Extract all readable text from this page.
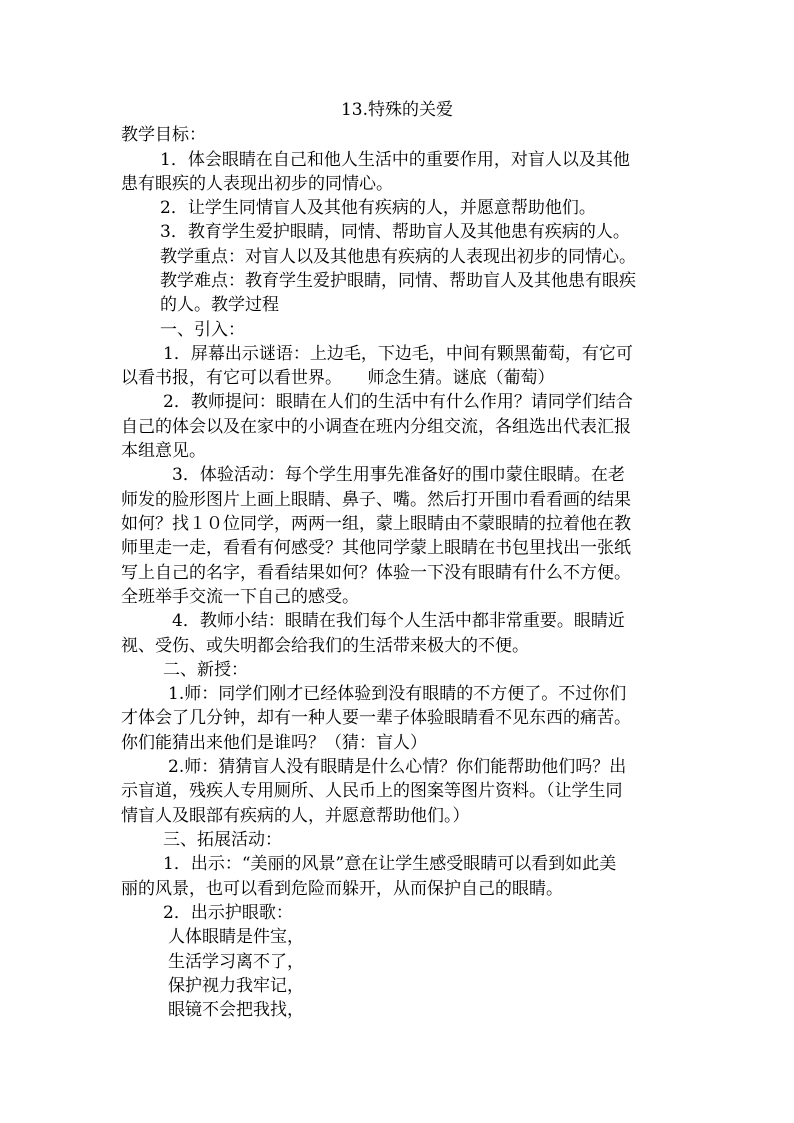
13.特殊的关爱
教学目标：
1．体会眼睛在自己和他人生活中的重要作用，对盲人以及其他
患有眼疾的人表现出初步的同情心。
2．让学生同情盲人及其他有疾病的人，并愿意帮助他们。
3．教育学生爱护眼睛，同情、帮助盲人及其他患有疾病的人。
教学重点：对盲人以及其他患有疾病的人表现出初步的同情心。
教学难点：教育学生爱护眼睛，同情、帮助盲人及其他患有眼疾
的人。教学过程
一、引入：
1．屏幕出示谜语：上边毛，下边毛，中间有颗黑葡萄，有它可
以看书报，有它可以看世界。　　师念生猜。谜底（葡萄）
2．教师提问：眼睛在人们的生活中有什么作用？请同学们结合
自己的体会以及在家中的小调查在班内分组交流，各组选出代表汇报
本组意见。
3．体验活动：每个学生用事先准备好的围巾蒙住眼睛。在老
师发的脸形图片上画上眼睛、鼻子、嘴。然后打开围巾看看画的结果
如何？找１０位同学，两两一组，蒙上眼睛由不蒙眼睛的拉着他在教
师里走一走，看看有何感受？其他同学蒙上眼睛在书包里找出一张纸
写上自己的名字，看看结果如何？体验一下没有眼睛有什么不方便。
全班举手交流一下自己的感受。
4．教师小结：眼睛在我们每个人生活中都非常重要。眼睛近
视、受伤、或失明都会给我们的生活带来极大的不便。
二、新授：
1.师：同学们刚才已经体验到没有眼睛的不方便了。不过你们
才体会了几分钟，却有一种人要一辈子体验眼睛看不见东西的痛苦。
你们能猜出来他们是谁吗？（猜：盲人）
2.师：猜猜盲人没有眼睛是什么心情？你们能帮助他们吗？出
示盲道，残疾人专用厕所、人民币上的图案等图片资料。（让学生同
情盲人及眼部有疾病的人，并愿意帮助他们。）
三、拓展活动：
1．出示：“美丽的风景”意在让学生感受眼睛可以看到如此美
丽的风景，也可以看到危险而躲开，从而保护自己的眼睛。
2．出示护眼歌：
人体眼睛是件宝，
生活学习离不了，
保护视力我牢记，
眼镜不会把我找，
